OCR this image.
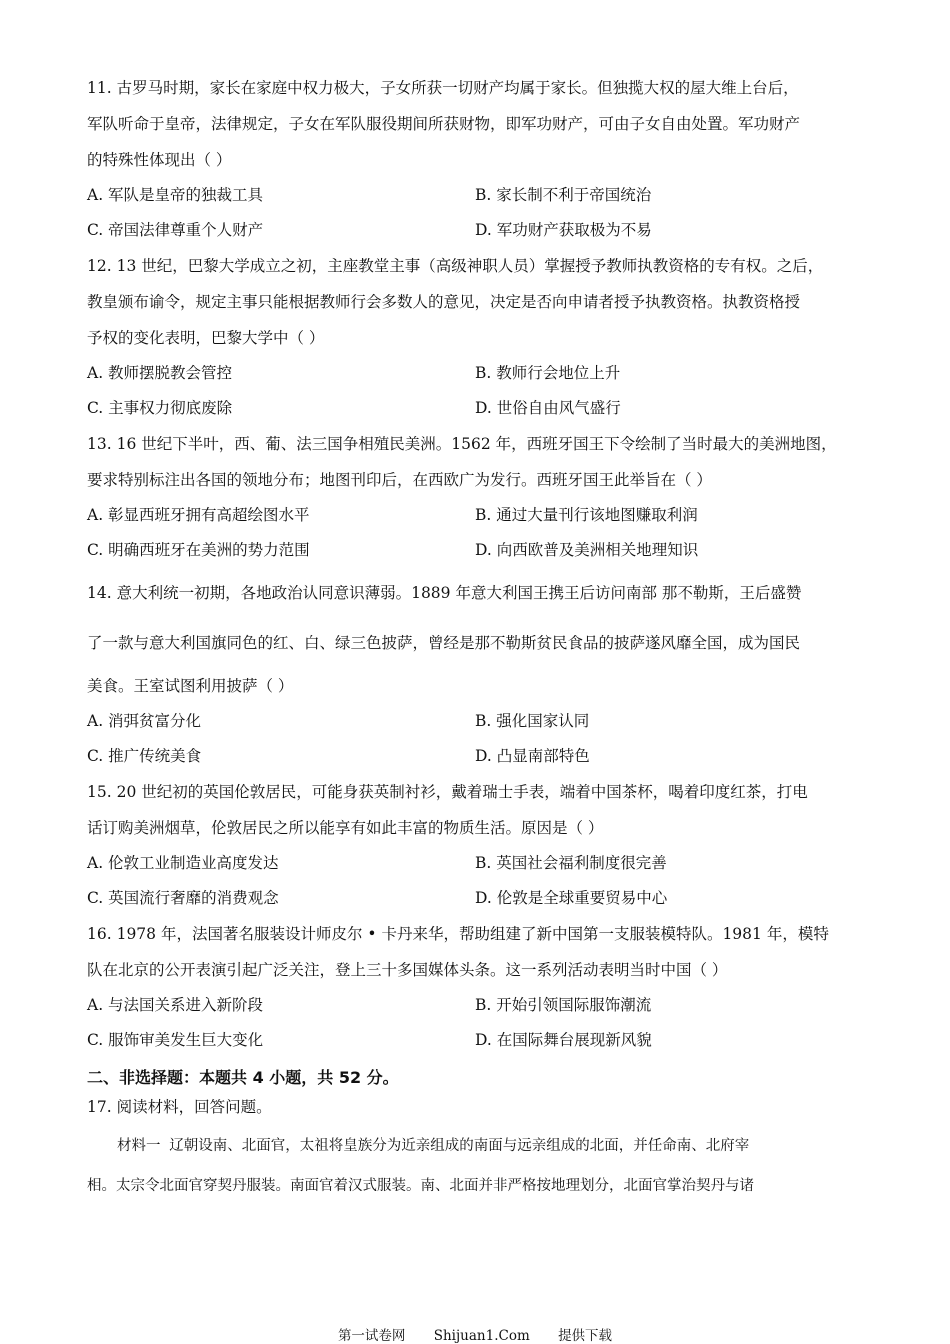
11. 古罗马时期，家长在家庭中权力极大，子女所获一切财产均属于家长。但独揽大权的屋大维上台后，
军队听命于皇帝，法律规定，子女在军队服役期间所获财物，即军功财产，可由子女自由处置。军功财产
的特殊性体现出（ ）
A. 军队是皇帝的独裁工具	B. 家长制不利于帝国统治
C. 帝国法律尊重个人财产	D. 军功财产获取极为不易
12. 13 世纪，巴黎大学成立之初，主座教堂主事（高级神职人员）掌握授予教师执教资格的专有权。之后，
教皇颁布谕令，规定主事只能根据教师行会多数人的意见，决定是否向申请者授予执教资格。执教资格授
予权的变化表明，巴黎大学中（ ）
A. 教师摆脱教会管控	B. 教师行会地位上升
C. 主事权力彻底废除	D. 世俗自由风气盛行
13. 16 世纪下半叶，西、葡、法三国争相殖民美洲。1562 年，西班牙国王下令绘制了当时最大的美洲地图，
要求特别标注出各国的领地分布；地图刊印后，在西欧广为发行。西班牙国王此举旨在（ ）
A. 彰显西班牙拥有高超绘图水平	B. 通过大量刊行该地图赚取利润
C. 明确西班牙在美洲的势力范围	D. 向西欧普及美洲相关地理知识
14. 意大利统一初期，各地政治认同意识薄弱。1889 年意大利国王携王后访问南部 那不勒斯，王后盛赞
了一款与意大利国旗同色的红、白、绿三色披萨，曾经是那不勒斯贫民食品的披萨遂风靡全国，成为国民
美食。王室试图利用披萨（ ）
A. 消弭贫富分化	B. 强化国家认同
C. 推广传统美食	D. 凸显南部特色
15. 20 世纪初的英国伦敦居民，可能身获英制衬衫，戴着瑞士手表，端着中国茶杯，喝着印度红茶，打电
话订购美洲烟草，伦敦居民之所以能享有如此丰富的物质生活。原因是（ ）
A. 伦敦工业制造业高度发达	B. 英国社会福利制度很完善
C. 英国流行奢靡的消费观念	D. 伦敦是全球重要贸易中心
16. 1978 年，法国著名服装设计师皮尔 • 卡丹来华，帮助组建了新中国第一支服装模特队。1981 年，模特
队在北京的公开表演引起广泛关注，登上三十多国媒体头条。这一系列活动表明当时中国（ ）
A. 与法国关系进入新阶段	B. 开始引领国际服饰潮流
C. 服饰审美发生巨大变化	D. 在国际舞台展现新风貌
二、非选择题：本题共 4 小题，共 52 分。
17. 阅读材料，回答问题。
材料一 辽朝设南、北面官，太祖将皇族分为近亲组成的南面与远亲组成的北面，并任命南、北府宰
相。太宗令北面官穿契丹服装。南面官着汉式服装。南、北面并非严格按地理划分，北面官掌治契丹与诸
第一试卷网 Shijuan1.Com 提供下载
